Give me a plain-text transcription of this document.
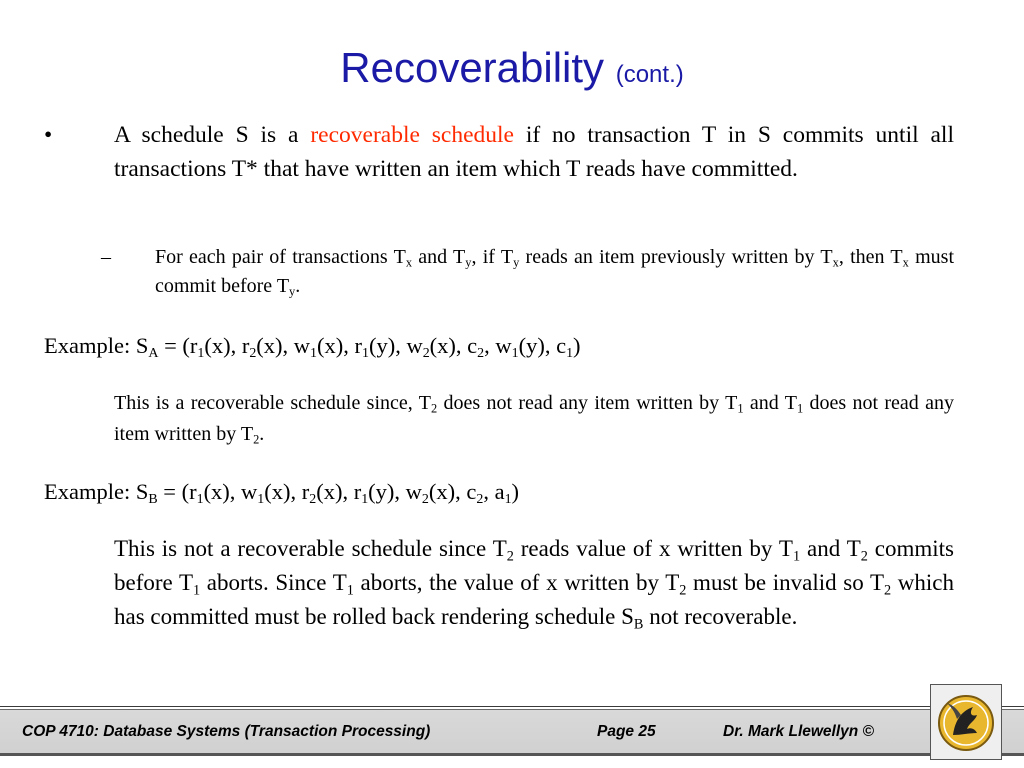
Recoverability (cont.)
•	A schedule S is a recoverable schedule if no transaction T in S commits until all transactions T* that have written an item which T reads have committed.
– For each pair of transactions $T_x$ and $T_y$, if $T_y$ reads an item previously written by $T_x$, then $T_x$ must commit before $T_y$.
Example: $S_A = (r_1(x)$, $r_2(x)$, $w_1(x)$, $r_1(y)$, $w_2(x)$, $c_2$, $w_1(y)$, $c_1$)
This is a recoverable schedule since, $T_2$ does not read any item written by $T_1$ and $T_1$ does not read any item written by $T_2$.
Example: $S_B = (r_1(x)$, $w_1(x)$, $r_2(x)$, $r_1(y)$, $w_2(x)$, $c_2$, $a_1$)
This is not a recoverable schedule since $T_2$ reads value of x written by $T_1$ and $T_2$ commits before $T_1$ aborts. Since $T_1$ aborts, the value of x written by $T_2$ must be invalid so $T_2$ which has committed must be rolled back rendering schedule $S_B$ not recoverable.
COP 4710: Database Systems (Transaction Processing)	Page 25	Dr. Mark Llewellyn ©
